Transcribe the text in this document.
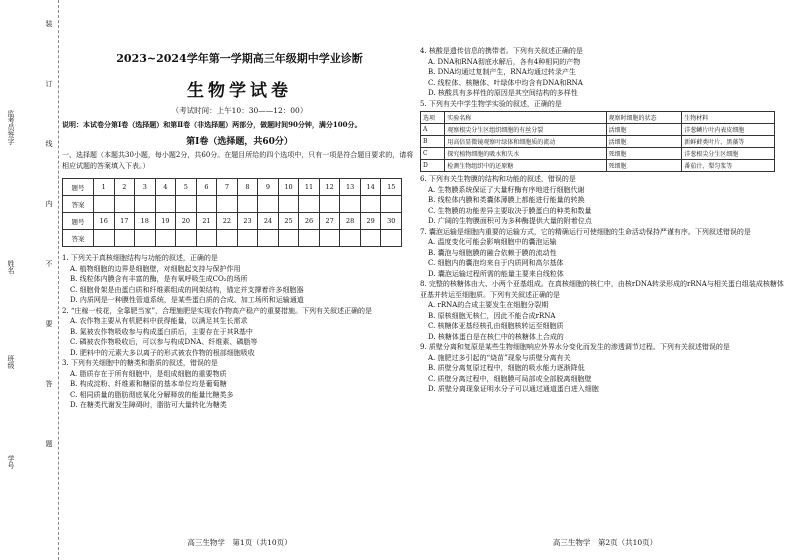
监考员签字
姓名
班级
学号
装
订
线
内
不
要
答
题
2023~2024学年第一学期高三年级期中学业诊断
生物学试卷
（考试时间：上午10：30——12：00）
说明：本试卷分第Ⅰ卷（选择题）和第Ⅱ卷（非选择题）两部分，做题时间90分钟，满分100分。
第Ⅰ卷（选择题，共60分）
一、选择题（本题共30小题，每小题2分，共60分。在题目所给的四个选项中，只有一项是符合题目要求的，请将相应试题的答案填入下表。）
题号	1	2	3	4	5	6	7	8	9	10	11	12	13	14	15
答案															
题号	16	17	18	19	20	21	22	23	24	25	26	27	28	29	30
答案															

1. 下列关于真核细胞结构与功能的叙述，正确的是

A. 植物细胞的边界是细胞壁，对细胞起支持与保护作用

B. 线粒体内膜含有丰富的酶，是有氧呼吸生成CO₂的场所

C. 细胞骨架是由蛋白质和纤维素组成的网架结构，锚定并支撑着许多细胞器

D. 内质网是一种膜性管道系统，是某些蛋白质的合成、加工场所和运输通道

2. “庄稼一枝花，全靠肥当家”，合理施肥是实现农作物高产稳产的重要措施。下列有关叙述正确的是

A. 农作物主要从有机肥料中获得能量，以满足其生长需求

B. 氮被农作物吸收参与构成蛋白质后，主要存在于其R基中

C. 磷被农作物吸收后，可以参与构成DNA、纤维素、磷脂等

D. 肥料中的元素大多以离子的形式被农作物的根部细胞吸收

3. 下列有关细胞中的糖类和脂质的叙述，错误的是

A. 脂质存在于所有细胞中，是组成细胞的重要物质

B. 构成淀粉、纤维素和糖原的基本单位均是葡萄糖

C. 相同质量的脂肪彻底氧化分解释放的能量比糖类多

D. 在糖类代谢发生障碍时，脂肪可大量转化为糖类

高三生物学　第1页（共10页）

4. 核酸是遗传信息的携带者。下列有关叙述正确的是

A. DNA和RNA彻底水解后，各有4种相同的产物

B. DNA均通过复制产生，RNA均通过转录产生

C. 线粒体、核糖体、叶绿体中均含有DNA和RNA

D. 核酸具有多样性的原因是其空间结构的多样性

5. 下列有关中学生物学实验的叙述，正确的是

选项	实验名称	观察时细胞的状态	生物材料
A	观察根尖分生区组织细胞的有丝分裂	活细胞	洋葱鳞片叶内表皮细胞
B	用高倍显微镜观察叶绿体和细胞质的流动	活细胞	新鲜藓类叶片、黑藻等
C	探究植物细胞的吸水和失水	死细胞	洋葱根尖分生区细胞
D	检测生物组织中的还原糖	死细胞	番茄汁、梨匀浆等

6. 下列有关生物膜的结构和功能的叙述，错误的是

A. 生物膜系统保证了大量籽酶有序地进行细胞代谢

B. 线粒体内膜和类囊体薄膜上都能进行能量的转换

C. 生物膜的功能差异主要取决于膜蛋白的种类和数量

D. 广阔的生物膜面积可为多种酶提供大量的附着位点

7. 囊泡运输是细胞内重要的运输方式，它的精确运行可使细胞的生命活动保持严谨有序。下列叙述错误的是

A. 温度变化可能会影响细胞中的囊泡运输

B. 囊泡与细胞膜的融合依赖于膜的流动性

C. 细胞内的囊泡均来自于内质网和高尔基体

D. 囊泡运输过程所需的能量主要来自线粒体

8. 完整的核糖体由大、小两个亚基组成。在真核细胞的核仁中，由核rDNA转录形成的rRNA与相关蛋白组装成核糖体亚基并转运至细胞质。下列有关叙述正确的是

A. rRNA的合成主要发生在细胞分裂期

B. 原核细胞无核仁，因此不能合成rRNA

C. 核糖体亚基经核孔由细胞核转运至细胞质

D. 核糖体蛋白是在核仁中的核糖体上合成的

9. 质壁分离和复原是某些生物细胞响应外界水分变化而发生的渗透调节过程。下列有关叙述错误的是

A. 施肥过多引起的“烧苗”现象与质壁分离有关

B. 质壁分离复原过程中，细胞的吸水能力逐渐降低

C. 质壁分离过程中，细胞膜可局部或全部脱离细胞壁

D. 质壁分离现象证明水分子可以通过通道蛋白进入细胞

高三生物学　第2页（共10页）
